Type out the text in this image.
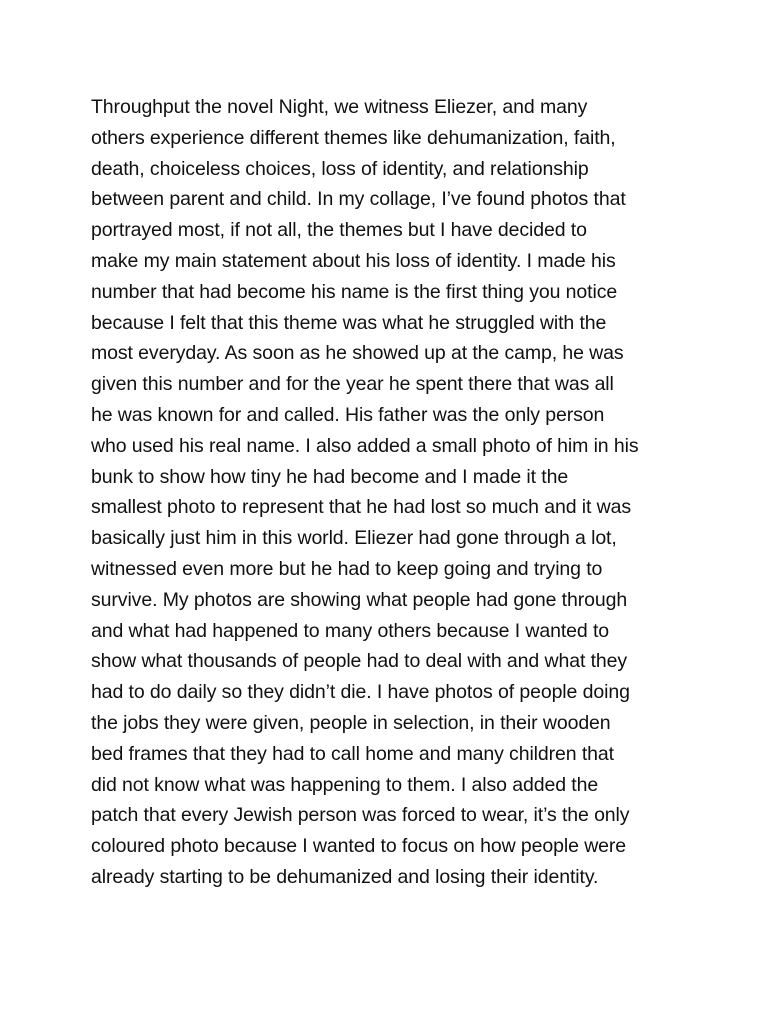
Throughput the novel Night, we witness Eliezer, and many
others experience different themes like dehumanization, faith,
death, choiceless choices, loss of identity, and relationship
between parent and child. In my collage, I’ve found photos that
portrayed most, if not all, the themes but I have decided to
make my main statement about his loss of identity. I made his
number that had become his name is the first thing you notice
because I felt that this theme was what he struggled with the
most everyday. As soon as he showed up at the camp, he was
given this number and for the year he spent there that was all
he was known for and called. His father was the only person
who used his real name. I also added a small photo of him in his
bunk to show how tiny he had become and I made it the
smallest photo to represent that he had lost so much and it was
basically just him in this world. Eliezer had gone through a lot,
witnessed even more but he had to keep going and trying to
survive. My photos are showing what people had gone through
and what had happened to many others because I wanted to
show what thousands of people had to deal with and what they
had to do daily so they didn’t die. I have photos of people doing
the jobs they were given, people in selection, in their wooden
bed frames that they had to call home and many children that
did not know what was happening to them. I also added the
patch that every Jewish person was forced to wear, it’s the only
coloured photo because I wanted to focus on how people were
already starting to be dehumanized and losing their identity.
